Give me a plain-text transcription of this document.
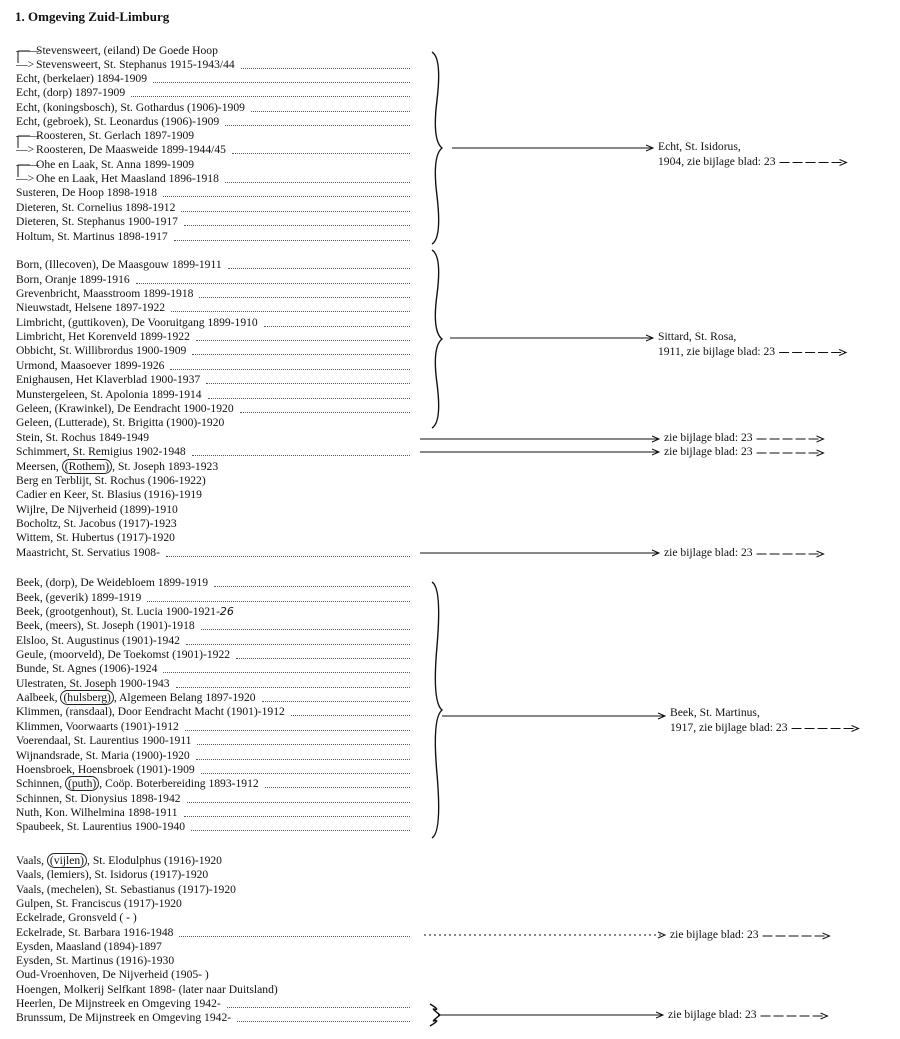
1. Omgeving Zuid-Limburg
——Stevensweert, (eiland) De Goede Hoop
—> Stevensweert, St. Stephanus 1915-1943/44
Echt, (berkelaer) 1894-1909
Echt, (dorp) 1897-1909
Echt, (koningsbosch), St. Gothardus (1906)-1909
Echt, (gebroek), St. Leonardus (1906)-1909
——Roosteren, St. Gerlach 1897-1909
—> Roosteren, De Maasweide 1899-1944/45
——Ohe en Laak, St. Anna 1899-1909
—> Ohe en Laak, Het Maasland 1896-1918
Susteren, De Hoop 1898-1918
Dieteren, St. Cornelius 1898-1912
Dieteren, St. Stephanus 1900-1917
Holtum, St. Martinus 1898-1917
Born, (Illecoven), De Maasgouw 1899-1911
Born, Oranje 1899-1916
Grevenbricht, Maasstroom 1899-1918
Nieuwstadt, Helsene 1897-1922
Limbricht, (guttikoven), De Vooruitgang 1899-1910
Limbricht, Het Korenveld 1899-1922
Obbicht, St. Willibrordus 1900-1909
Urmond, Maasoever 1899-1926
Enighausen, Het Klaverblad 1900-1937
Munstergeleen, St. Apolonia 1899-1914
Geleen, (Krawinkel), De Eendracht 1900-1920
Geleen, (Lutterade), St. Brigitta (1900)-1920
Stein, St. Rochus 1849-1949
Schimmert, St. Remigius 1902-1948
Meersen, (Rothem) , St. Joseph 1893-1923
Berg en Terblijt, St. Rochus (1906-1922)
Cadier en Keer, St. Blasius (1916)-1919
Wijlre, De Nijverheid (1899)-1910
Bocholtz, St. Jacobus (1917)-1923
Wittem, St. Hubertus (1917)-1920
Maastricht, St. Servatius 1908-
Beek, (dorp), De Weidebloem 1899-1919
Beek, (geverik) 1899-1919
Beek, (grootgenhout), St. Lucia 1900-1921-26
Beek, (meers), St. Joseph (1901)-1918
Elsloo, St. Augustinus (1901)-1942
Geule, (moorveld), De Toekomst (1901)-1922
Bunde, St. Agnes (1906)-1924
Ulestraten, St. Joseph 1900-1943
Aalbeek, (hulsberg) , Algemeen Belang 1897-1920
Klimmen, (ransdaal), Door Eendracht Macht (1901)-1912
Klimmen, Voorwaarts (1901)-1912
Voerendaal, St. Laurentius 1900-1911
Wijnandsrade, St. Maria (1900)-1920
Hoensbroek, Hoensbroek (1901)-1909
Schinnen, (puth) , Coöp. Boterbereiding 1893-1912
Schinnen, St. Dionysius 1898-1942
Nuth, Kon. Wilhelmina 1898-1911
Spaubeek, St. Laurentius 1900-1940
Vaals, (vijlen) , St. Elodulphus (1916)-1920
Vaals, (lemiers), St. Isidorus (1917)-1920
Vaals, (mechelen), St. Sebastianus (1917)-1920
Gulpen, St. Franciscus (1917)-1920
Eckelrade, Gronsveld ( - )
Eckelrade, St. Barbara 1916-1948
Eysden, Maasland (1894)-1897
Eysden, St. Martinus (1916)-1930
Oud-Vroenhoven, De Nijverheid (1905- )
Hoengen, Molkerij Selfkant 1898- (later naar Duitsland)
Heerlen, De Mijnstreek en Omgeving 1942-
Brunssum, De Mijnstreek en Omgeving 1942-
Echt, St. Isidorus,
1904, zie bijlage blad: 23
Sittard, St. Rosa,
1911, zie bijlage blad: 23
zie bijlage blad: 23
zie bijlage blad: 23
zie bijlage blad: 23
Beek, St. Martinus,
1917, zie bijlage blad: 23
zie bijlage blad: 23
zie bijlage blad: 23
